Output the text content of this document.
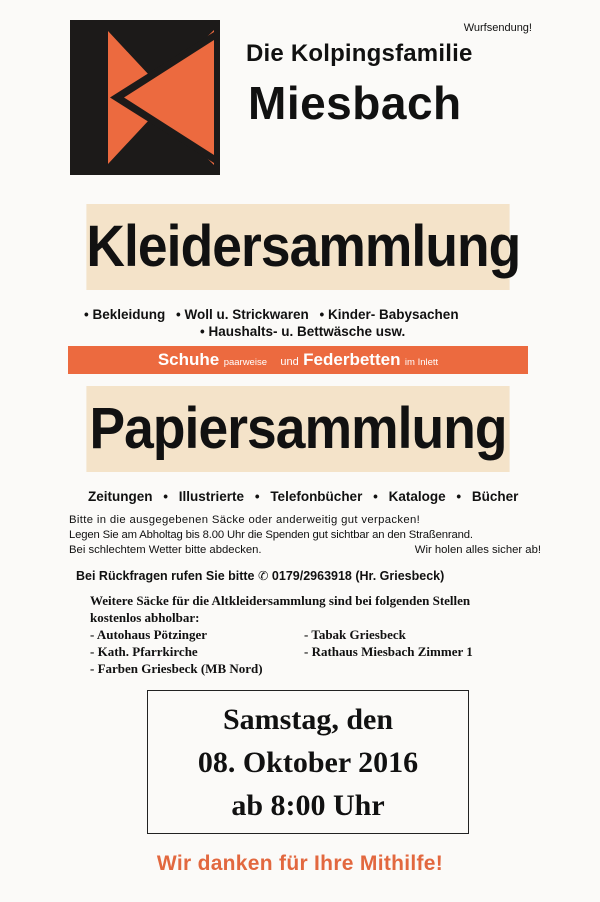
Wurfsendung!
Die Kolpingsfamilie
Miesbach
Kleidersammlung
• Bekleidung • Woll u. Strickwaren • Kinder- Babysachen
• Haushalts- u. Bettwäsche usw.
Schuhe paarweise und Federbetten im Inlett
Papiersammlung
Zeitungen • Illustrierte • Telefonbücher • Kataloge • Bücher
Bitte in die ausgegebenen Säcke oder anderweitig gut verpacken!
Legen Sie am Abholtag bis 8.00 Uhr die Spenden gut sichtbar an den Straßenrand.
Bei schlechtem Wetter bitte abdecken.	Wir holen alles sicher ab!
Bei Rückfragen rufen Sie bitte ✆ 0179/2963918 (Hr. Griesbeck)
Weitere Säcke für die Altkleidersammlung sind bei folgenden Stellen
kostenlos abholbar:
- Autohaus Pötzinger
- Kath. Pfarrkirche
- Farben Griesbeck (MB Nord)
- Tabak Griesbeck
- Rathaus Miesbach Zimmer 1
Samstag, den
08. Oktober 2016
ab 8:00 Uhr
Wir danken für Ihre Mithilfe!
